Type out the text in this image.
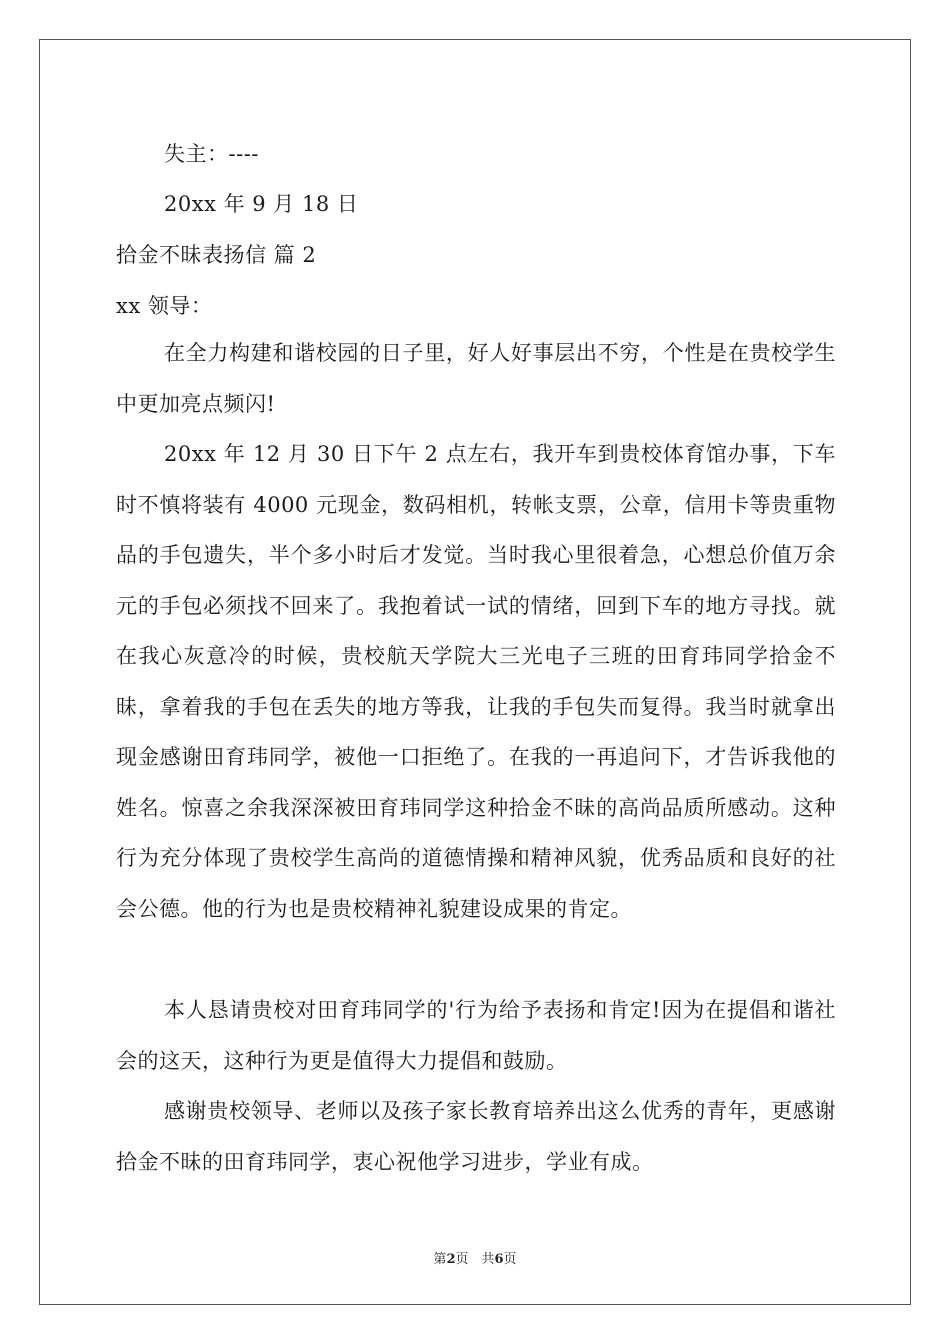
失主：----
20xx 年 9 月 18 日
拾金不昧表扬信 篇 2
xx 领导：
在全力构建和谐校园的日子里，好人好事层出不穷，个性是在贵校学生中更加亮点频闪!
20xx 年 12 月 30 日下午 2 点左右，我开车到贵校体育馆办事，下车时不慎将装有 4000 元现金，数码相机，转帐支票，公章，信用卡等贵重物品的手包遗失，半个多小时后才发觉。当时我心里很着急，心想总价值万余元的手包必须找不回来了。我抱着试一试的情绪，回到下车的地方寻找。就在我心灰意冷的时候，贵校航天学院大三光电子三班的田育玮同学拾金不昧，拿着我的手包在丢失的地方等我，让我的手包失而复得。我当时就拿出现金感谢田育玮同学，被他一口拒绝了。在我的一再追问下，才告诉我他的姓名。惊喜之余我深深被田育玮同学这种拾金不昧的高尚品质所感动。这种行为充分体现了贵校学生高尚的道德情操和精神风貌，优秀品质和良好的社会公德。他的行为也是贵校精神礼貌建设成果的肯定。
本人恳请贵校对田育玮同学的'行为给予表扬和肯定!因为在提倡和谐社会的这天，这种行为更是值得大力提倡和鼓励。
感谢贵校领导、老师以及孩子家长教育培养出这么优秀的青年，更感谢拾金不昧的田育玮同学，衷心祝他学习进步，学业有成。
第2页　共6页
